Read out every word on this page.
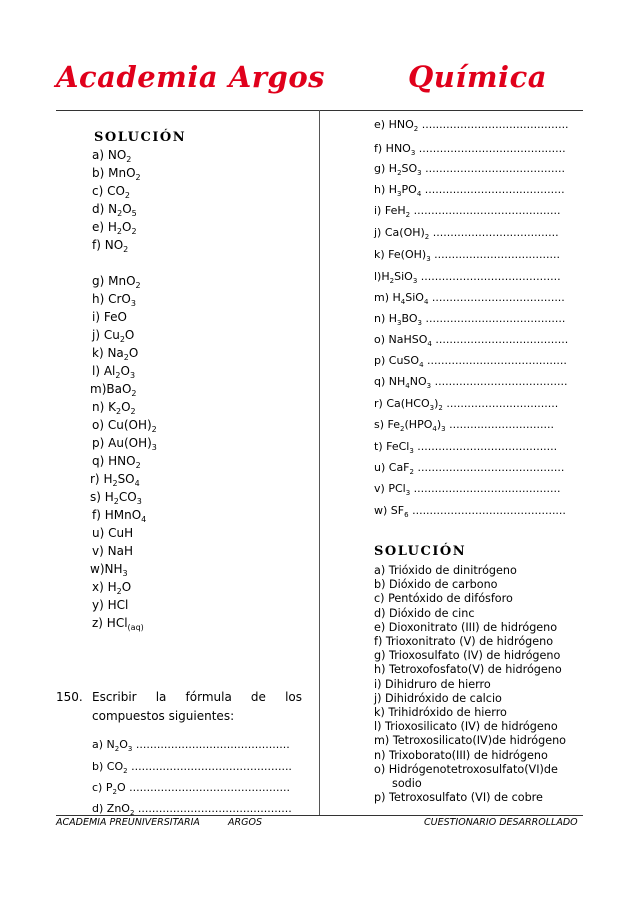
Academia Argos	Química
SOLUCIÓN
a) $NO_2$
b) MnO$_2$
c) $CO_2$
d) $N_2O_5$
e) $H_2O_2$
f) $NO_2$
g) MnO$_2$
h) CrO$_3$
i) FeO
j) $Cu_2O$
k) $Na_2O$
l) $Al_2O_3$
m)BaO$_2$
n) $K_2O_2$
o) $Cu(OH)_2$
p) $Au(OH)_3$
q) $HNO_2$
r) $H_2SO_4$
s) $H_2CO_3$
f) HMnO$_4$
u) CuH
v) NaH
$w)NH_3$
x) $H_2O$
y) HCl
z) HCl$_{(aq)}$
150. Escribir la fórmula de los compuestos siguientes:
a) $N_2O_3$ ............................................
b) $CO_2$ ..............................................
c) $P_2O$ ..............................................
d) ZnO$_2$ ............................................
e) $HNO_2$ ..........................................
f) $HNO_3$ ..........................................
g) $H_2SO_3$ ........................................
h) $H_3PO_4$ ........................................
i) FeH$_2$ ..........................................
j) $Ca(OH)_2$ ....................................
k) $Fe(OH)_3$ ....................................
$l)H_2SiO_3$ ........................................
m) $H_4SiO_4$ ......................................
n) $H_3BO_3$ ........................................
o) NaHSO$_4$ ......................................
p) CuSO$_4$ ........................................
q) $NH_4NO_3$ ......................................
r) $Ca(HCO_3)_2$ ................................
s) $Fe_2(HPO_4)_3$ ..............................
t) FeCl$_3$ ........................................
u) CaF$_2$ ..........................................
v) PCl$_3$ ..........................................
w) $SF_6$ ............................................
SOLUCIÓN
a) Trióxido de dinitrógeno
b) Dióxido de carbono
c) Pentóxido de difósforo
d) Dióxido de cinc
e) Dioxonitrato (III) de hidrógeno
f) Trioxonitrato (V) de hidrógeno
g) Trioxosulfato (IV) de hidrógeno
h) Tetroxofosfato(V) de hidrógeno
i) Dihidruro de hierro
j) Dihidróxido de calcio
k) Trihidróxido de hierro
l) Trioxosilicato (IV) de hidrógeno
m) Tetroxosilicato(IV)de hidrógeno
n) Trixoborato(III) de hidrógeno
o) Hidrógenotetroxosulfato(VI)de
sodio
p) Tetroxosulfato (VI) de cobre
ACADEMIA PREUNIVERSITARIA	ARGOS	CUESTIONARIO DESARROLLADO
